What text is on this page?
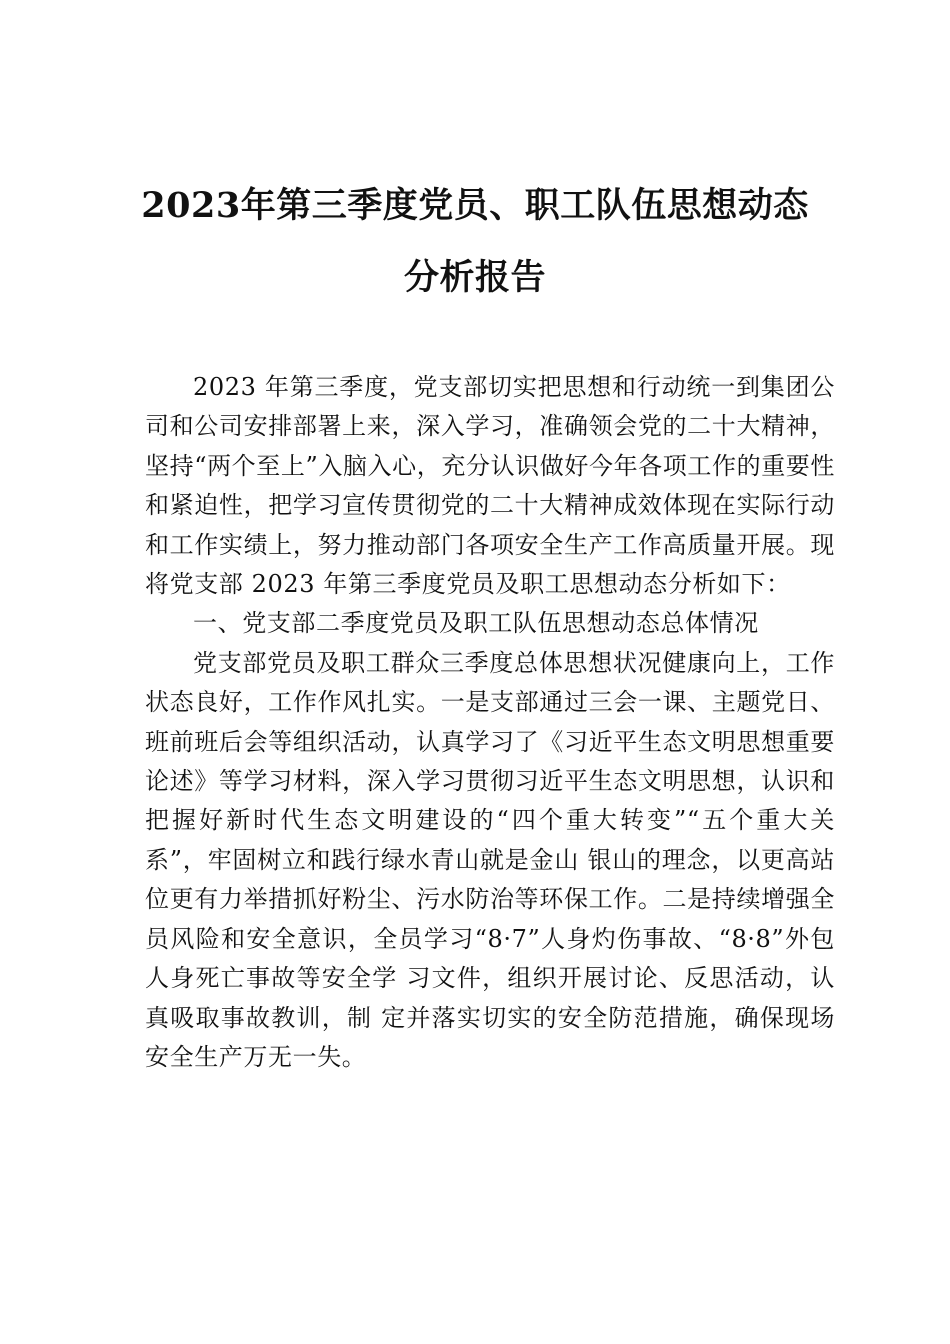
2023年第三季度党员、职工队伍思想动态
分析报告

2023 年第三季度，党支部切实把思想和行动统一到集团公司和公司安排部署上来，深入学习，准确领会党的二十大精神，坚持“两个至上”入脑入心，充分认识做好今年各项工作的重要性和紧迫性，把学习宣传贯彻党的二十大精神成效体现在实际行动和工作实绩上，努力推动部门各项安全生产工作高质量开展。现将党支部 2023 年第三季度党员及职工思想动态分析如下：

一、党支部二季度党员及职工队伍思想动态总体情况

党支部党员及职工群众三季度总体思想状况健康向上，工作状态良好，工作作风扎实。一是支部通过三会一课、主题党日、班前班后会等组织活动，认真学习了《习近平生态文明思想重要论述》等学习材料，深入学习贯彻习近平生态文明思想，认识和把握好新时代生态文明建设的“四个重大转变”“五个重大关系”，牢固树立和践行绿水青山就是金山 银山的理念，以更高站位更有力举措抓好粉尘、污水防治等环保工作。二是持续增强全员风险和安全意识，全员学习“8·7”人身灼伤事故、“8·8”外包人身死亡事故等安全学 习文件，组织开展讨论、反思活动，认真吸取事故教训，制 定并落实切实的安全防范措施，确保现场安全生产万无一失。
